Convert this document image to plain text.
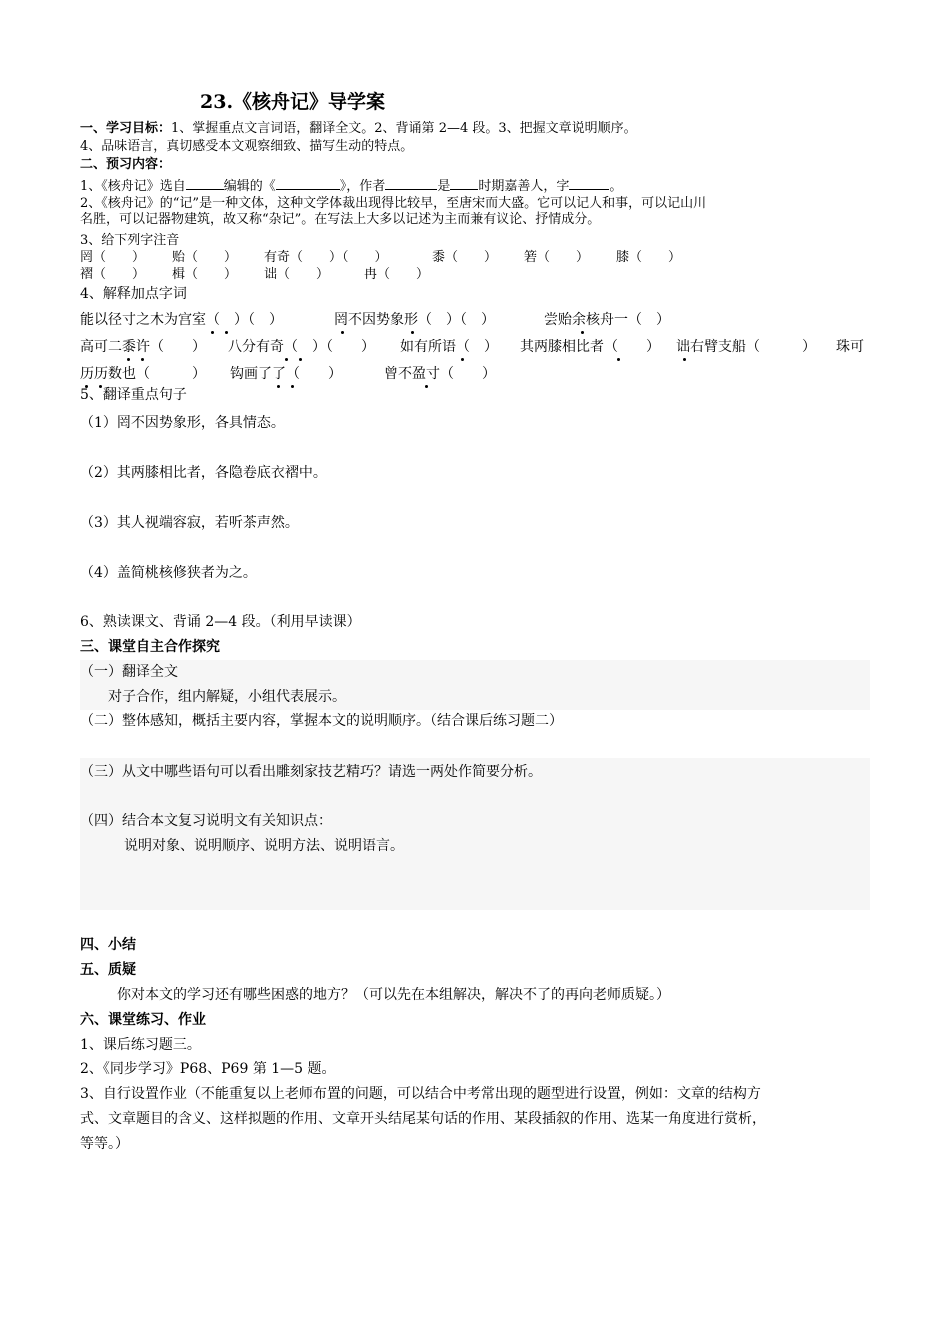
23.《核舟记》导学案
一、学习目标：1、掌握重点文言词语，翻译全文。2、背诵第 2—4 段。3、把握文章说明顺序。
4、品味语言，真切感受本文观察细致、描写生动的特点。
二、预习内容：
1、《核舟记》选自	编辑的《	》，作者	是 时期嘉善人，字	。
2、《核舟记》的“记”是一种文体，这种文学体裁出现得比较早，至唐宋而大盛。它可以记人和事，可以记山川
名胜，可以记器物建筑，故又称“杂记”。在写法上大多以记述为主而兼有议论、抒情成分。
3、给下列字注音
罔（　　） 贻（　　） 有奇（　　）（　　）	黍（　　） 箬（　　） 膝（　　）
褶（　　） 楫（　　） 诎（　　）	冉（　　）
4、解释加点字词
能以径寸之木为宫室（　）（　）	罔不因势象形（　）（　）	尝贻余核舟一（　）
高可二黍许（　　） 八分有奇（　）（　　） 如有所语（　） 其两膝相比者（　　） 诎右臂支船（　　　） 珠可
历历数也（　　　） 钩画了了（　　）	曾不盈寸（　　）
5、翻译重点句子
（1）罔不因势象形，各具情态。
（2）其两膝相比者，各隐卷底衣褶中。
（3）其人视端容寂，若听茶声然。
（4）盖简桃核修狭者为之。
6、熟读课文、背诵 2—4 段。（利用早读课）
三、课堂自主合作探究
（一）翻译全文
　对子合作，组内解疑，小组代表展示。
（二）整体感知，概括主要内容，掌握本文的说明顺序。（结合课后练习题二）
（三）从文中哪些语句可以看出雕刻家技艺精巧？请选一两处作简要分析。
（四）结合本文复习说明文有关知识点：
说明对象、说明顺序、说明方法、说明语言。
四、小结
五、质疑
你对本文的学习还有哪些困惑的地方？（可以先在本组解决，解决不了的再向老师质疑。）
六、课堂练习、作业
1、课后练习题三。
2、《同步学习》P68、P69 第 1—5 题。
3、自行设置作业（不能重复以上老师布置的问题，可以结合中考常出现的题型进行设置，例如：文章的结构方
式、文章题目的含义、这样拟题的作用、文章开头结尾某句话的作用、某段插叙的作用、选某一角度进行赏析，
等等。）
